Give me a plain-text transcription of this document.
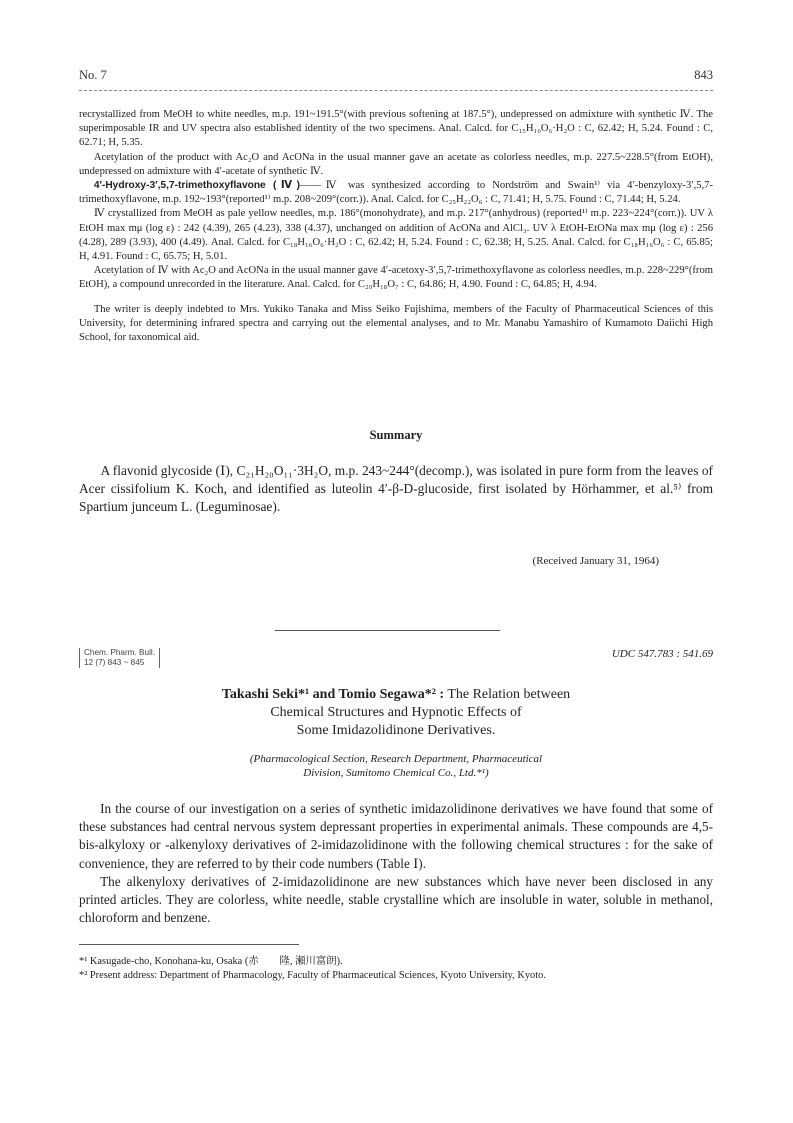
No. 7	843

recrystallized from MeOH to white needles, m.p. 191~191.5°(with previous softening at 187.5°), undepressed on admixture with synthetic Ⅳ. The superimposable IR and UV spectra also established identity of the two specimens. Anal. Calcd. for C₁₅H₁₀O₆·H₂O : C, 62.42; H, 5.24. Found : C, 62.71; H, 5.35.

Acetylation of the product with Ac₂O and AcONa in the usual manner gave an acetate as colorless needles, m.p. 227.5~228.5°(from EtOH), undepressed on admixture with 4′-acetate of synthetic Ⅳ.

4′-Hydroxy-3′,5,7-trimethoxyflavone (Ⅳ)——Ⅳ was synthesized according to Nordström and Swain¹⁾ via 4′-benzyloxy-3′,5,7-trimethoxyflavone, m.p. 192~193°(reported¹⁾ m.p. 208~209°(corr.)). Anal. Calcd. for C₂₅H₂₂O₆ : C, 71.41; H, 5.75. Found : C, 71.44; H, 5.24.

Ⅳ crystallized from MeOH as pale yellow needles, m.p. 186°(monohydrate), and m.p. 217°(anhydrous) (reported¹⁾ m.p. 223~224°(corr.)). UV λ EtOH max mμ (log ε) : 242 (4.39), 265 (4.23), 338 (4.37), unchanged on addition of AcONa and AlCl₃. UV λ EtOH-EtONa max mμ (log ε) : 256 (4.28), 289 (3.93), 400 (4.49). Anal. Calcd. for C₁₈H₁₆O₆·H₂O : C, 62.42; H, 5.24. Found : C, 62.38; H, 5.25. Anal. Calcd. for C₁₈H₁₆O₆ : C, 65.85; H, 4.91. Found : C, 65.75; H, 5.01.

Acetylation of Ⅳ with Ac₂O and AcONa in the usual manner gave 4′-acetoxy-3′,5,7-trimethoxyflavone as colorless needles, m.p. 228~229°(from EtOH), a compound unrecorded in the literature. Anal. Calcd. for C₂₀H₁₈O₇ : C, 64.86; H, 4.90. Found : C, 64.85; H, 4.94.

The writer is deeply indebted to Mrs. Yukiko Tanaka and Miss Seiko Fujishima, members of the Faculty of Pharmaceutical Sciences of this University, for determining infrared spectra and carrying out the elemental analyses, and to Mr. Manabu Yamashiro of Kumamoto Daiichi High School, for taxonomical aid.

Summary

A flavonid glycoside (Ⅰ), C₂₁H₂₀O₁₁·3H₂O, m.p. 243~244°(decomp.), was isolated in pure form from the leaves of Acer cissifolium K. Koch, and identified as luteolin 4′-β-D-glucoside, first isolated by Hörhammer, et al.⁵⁾ from Spartium junceum L. (Leguminosae).

(Received January 31, 1964)
Chem. Pharm. Bull.
12 (7) 843 ~ 845
UDC 547.783 : 541.69
Takashi Seki*¹ and Tomio Segawa*² : The Relation between
Chemical Structures and Hypnotic Effects of
Some Imidazolidinone Derivatives.
(Pharmacological Section, Research Department, Pharmaceutical
Division, Sumitomo Chemical Co., Ltd.*¹)

In the course of our investigation on a series of synthetic imidazolidinone derivatives we have found that some of these substances had central nervous system depressant properties in experimental animals. These compounds are 4,5-bis-alkyloxy or -alkenyloxy derivatives of 2-imidazolidinone with the following chemical structures : for the sake of convenience, they are referred to by their code numbers (Table Ⅰ).

The alkenyloxy derivatives of 2-imidazolidinone are new substances which have never been disclosed in any printed articles. They are colorless, white needle, stable crystalline which are insoluble in water, soluble in methanol, chloroform and benzene.

*¹ Kasugade-cho, Konohana-ku, Osaka (赤　　隆, 瀬川富朗).
*² Present address: Department of Pharmacology, Faculty of Pharmaceutical Sciences, Kyoto University, Kyoto.
